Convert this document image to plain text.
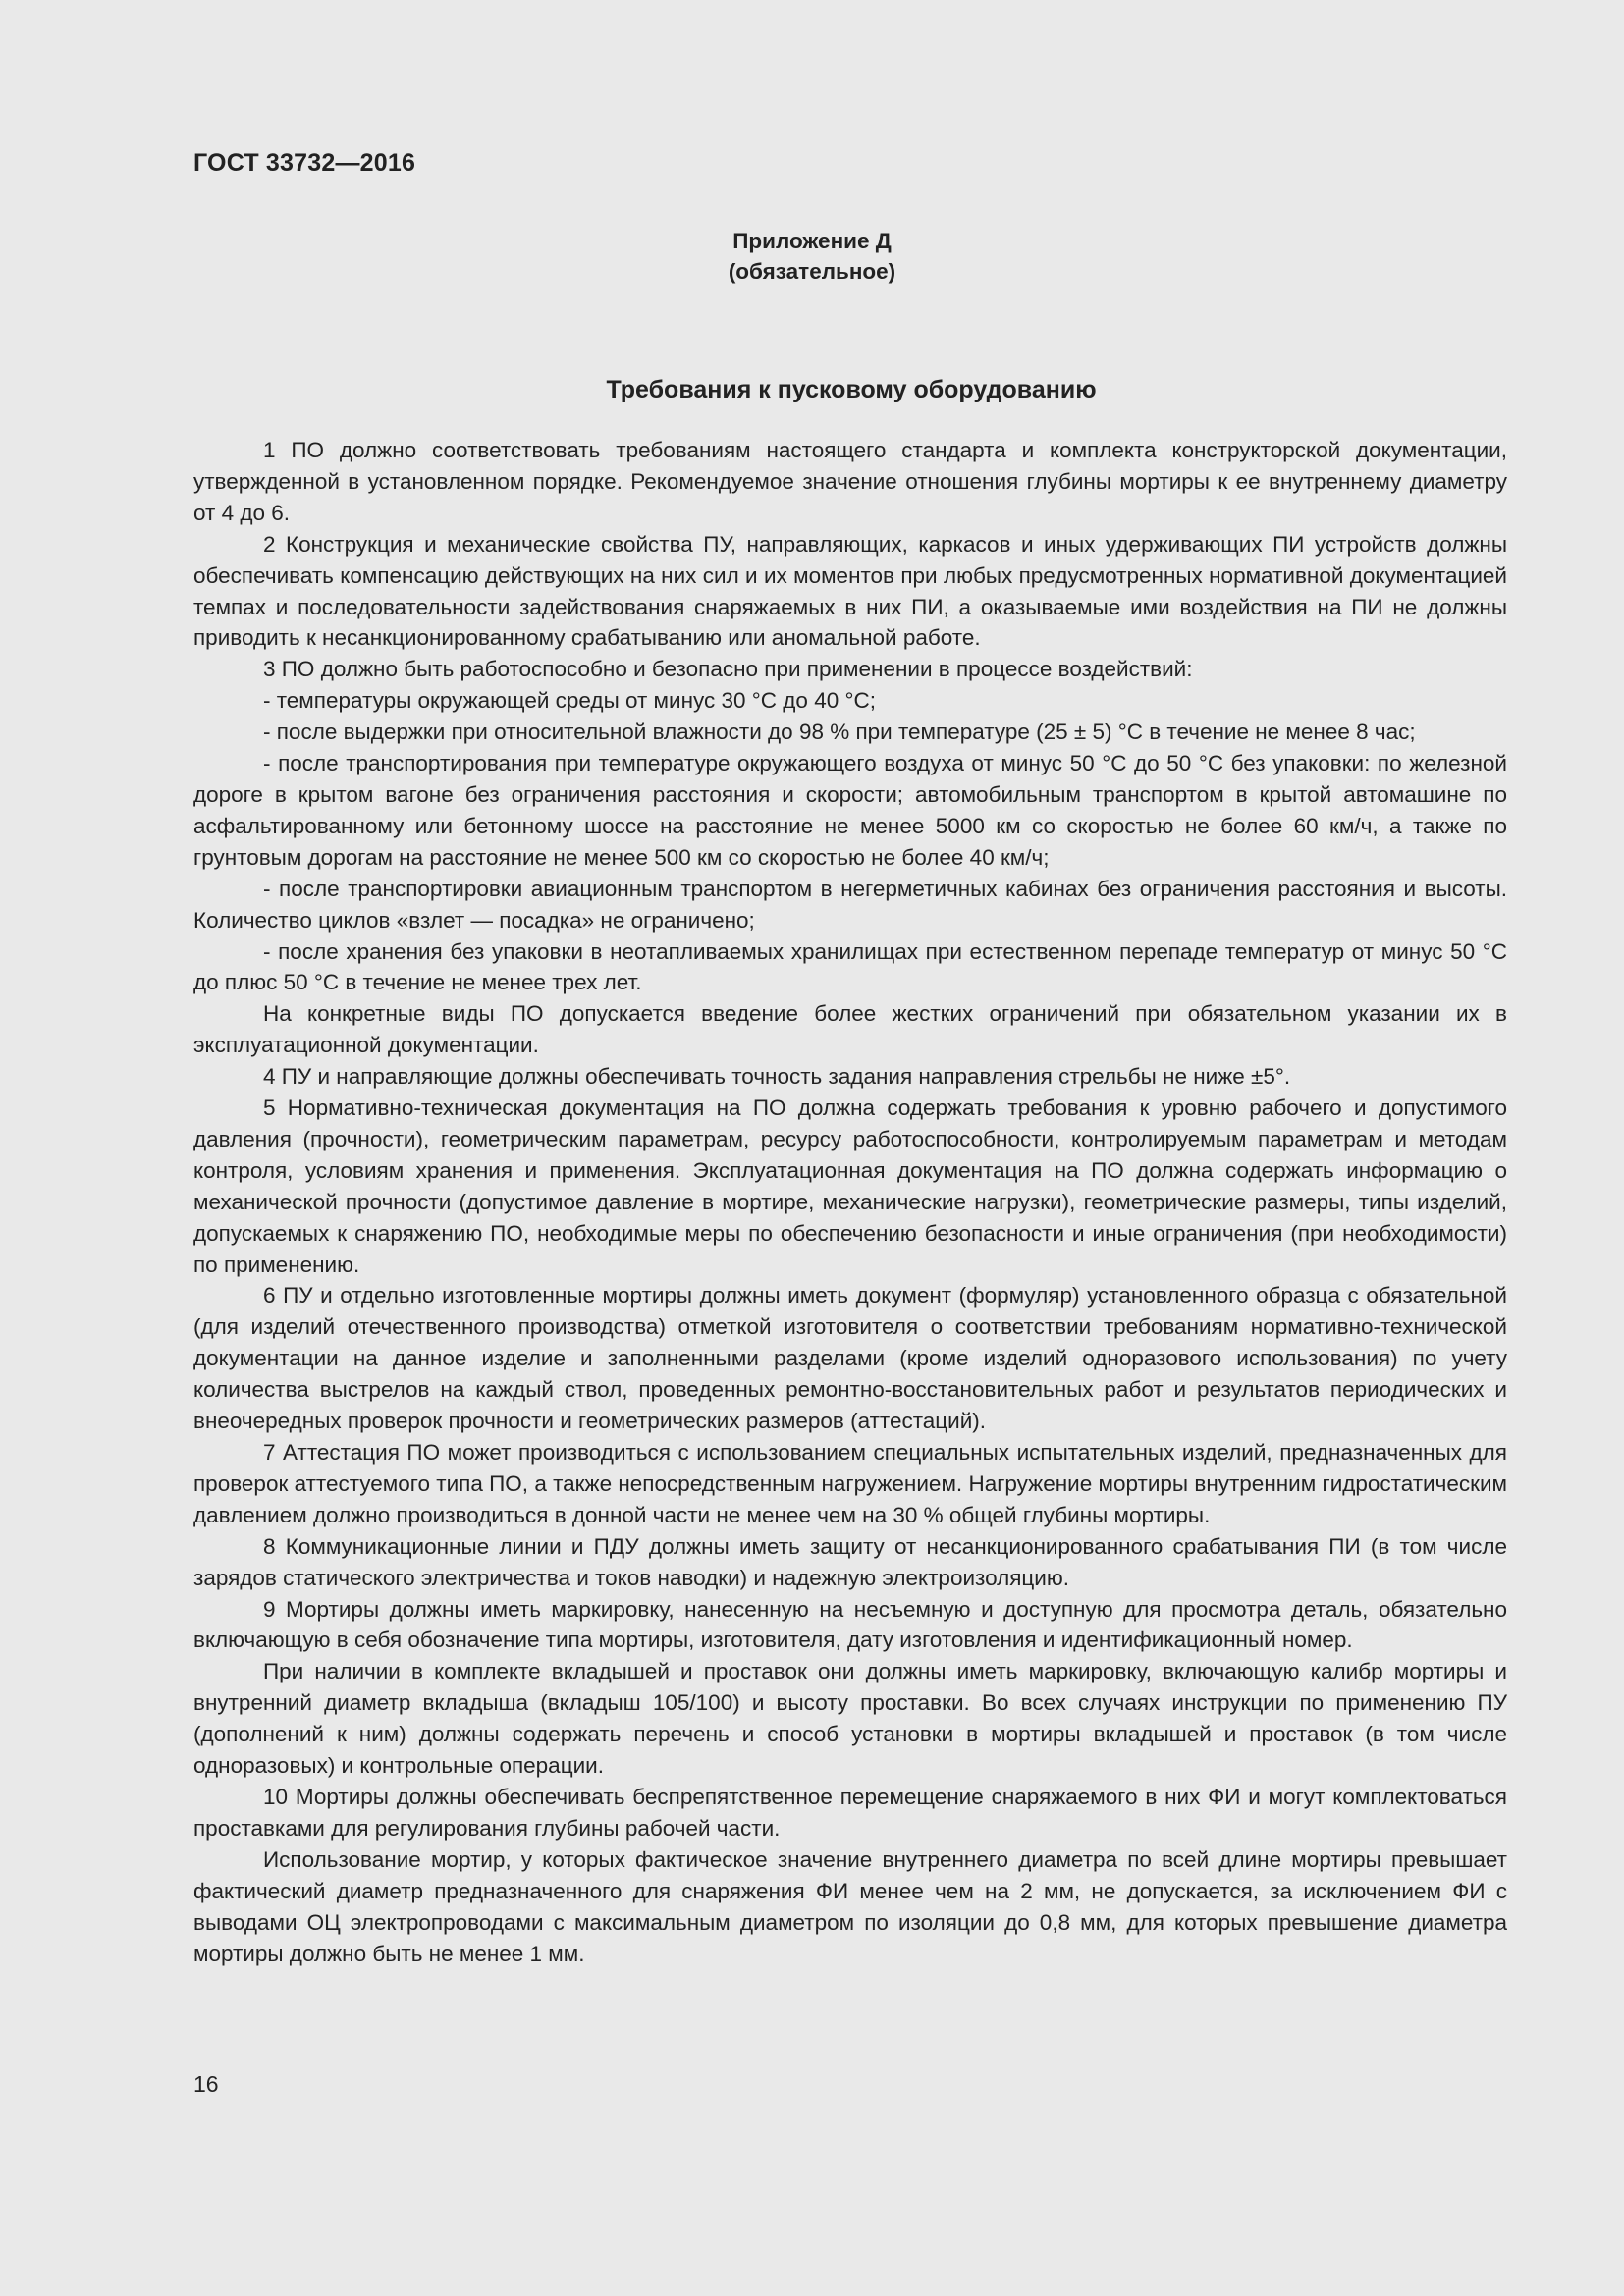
ГОСТ 33732—2016
Приложение Д
(обязательное)
Требования к пусковому оборудованию

1 ПО должно соответствовать требованиям настоящего стандарта и комплекта конструкторской документации, утвержденной в установленном порядке. Рекомендуемое значение отношения глубины мортиры к ее внутреннему диаметру от 4 до 6.

2 Конструкция и механические свойства ПУ, направляющих, каркасов и иных удерживающих ПИ устройств должны обеспечивать компенсацию действующих на них сил и их моментов при любых предусмотренных нормативной документацией темпах и последовательности задействования снаряжаемых в них ПИ, а оказываемые ими воздействия на ПИ не должны приводить к несанкционированному срабатыванию или аномальной работе.

3 ПО должно быть работоспособно и безопасно при применении в процессе воздействий:

- температуры окружающей среды от минус 30 °С до 40 °С;

- после выдержки при относительной влажности до 98 % при температуре (25 ± 5) °С в течение не менее 8 час;

- после транспортирования при температуре окружающего воздуха от минус 50 °С до 50 °С без упаковки: по железной дороге в крытом вагоне без ограничения расстояния и скорости; автомобильным транспортом в крытой автомашине по асфальтированному или бетонному шоссе на расстояние не менее 5000 км со скоростью не более 60 км/ч, а также по грунтовым дорогам на расстояние не менее 500 км со скоростью не более 40 км/ч;

- после транспортировки авиационным транспортом в негерметичных кабинах без ограничения расстояния и высоты. Количество циклов «взлет — посадка» не ограничено;

- после хранения без упаковки в неотапливаемых хранилищах при естественном перепаде температур от минус 50 °С до плюс 50 °С в течение не менее трех лет.

На конкретные виды ПО допускается введение более жестких ограничений при обязательном указании их в эксплуатационной документации.

4 ПУ и направляющие должны обеспечивать точность задания направления стрельбы не ниже ±5°.

5 Нормативно-техническая документация на ПО должна содержать требования к уровню рабочего и допустимого давления (прочности), геометрическим параметрам, ресурсу работоспособности, контролируемым параметрам и методам контроля, условиям хранения и применения. Эксплуатационная документация на ПО должна содержать информацию о механической прочности (допустимое давление в мортире, механические нагрузки), геометрические размеры, типы изделий, допускаемых к снаряжению ПО, необходимые меры по обеспечению безопасности и иные ограничения (при необходимости) по применению.

6 ПУ и отдельно изготовленные мортиры должны иметь документ (формуляр) установленного образца с обязательной (для изделий отечественного производства) отметкой изготовителя о соответствии требованиям нормативно-технической документации на данное изделие и заполненными разделами (кроме изделий одноразового использования) по учету количества выстрелов на каждый ствол, проведенных ремонтно-восстановительных работ и результатов периодических и внеочередных проверок прочности и геометрических размеров (аттестаций).

7 Аттестация ПО может производиться с использованием специальных испытательных изделий, предназначенных для проверок аттестуемого типа ПО, а также непосредственным нагружением. Нагружение мортиры внутренним гидростатическим давлением должно производиться в донной части не менее чем на 30 % общей глубины мортиры.

8 Коммуникационные линии и ПДУ должны иметь защиту от несанкционированного срабатывания ПИ (в том числе зарядов статического электричества и токов наводки) и надежную электроизоляцию.

9 Мортиры должны иметь маркировку, нанесенную на несъемную и доступную для просмотра деталь, обязательно включающую в себя обозначение типа мортиры, изготовителя, дату изготовления и идентификационный номер.

При наличии в комплекте вкладышей и проставок они должны иметь маркировку, включающую калибр мортиры и внутренний диаметр вкладыша (вкладыш 105/100) и высоту проставки. Во всех случаях инструкции по применению ПУ (дополнений к ним) должны содержать перечень и способ установки в мортиры вкладышей и проставок (в том числе одноразовых) и контрольные операции.

10 Мортиры должны обеспечивать беспрепятственное перемещение снаряжаемого в них ФИ и могут комплектоваться проставками для регулирования глубины рабочей части.

Использование мортир, у которых фактическое значение внутреннего диаметра по всей длине мортиры превышает фактический диаметр предназначенного для снаряжения ФИ менее чем на 2 мм, не допускается, за исключением ФИ с выводами ОЦ электропроводами с максимальным диаметром по изоляции до 0,8 мм, для которых превышение диаметра мортиры должно быть не менее 1 мм.

16
